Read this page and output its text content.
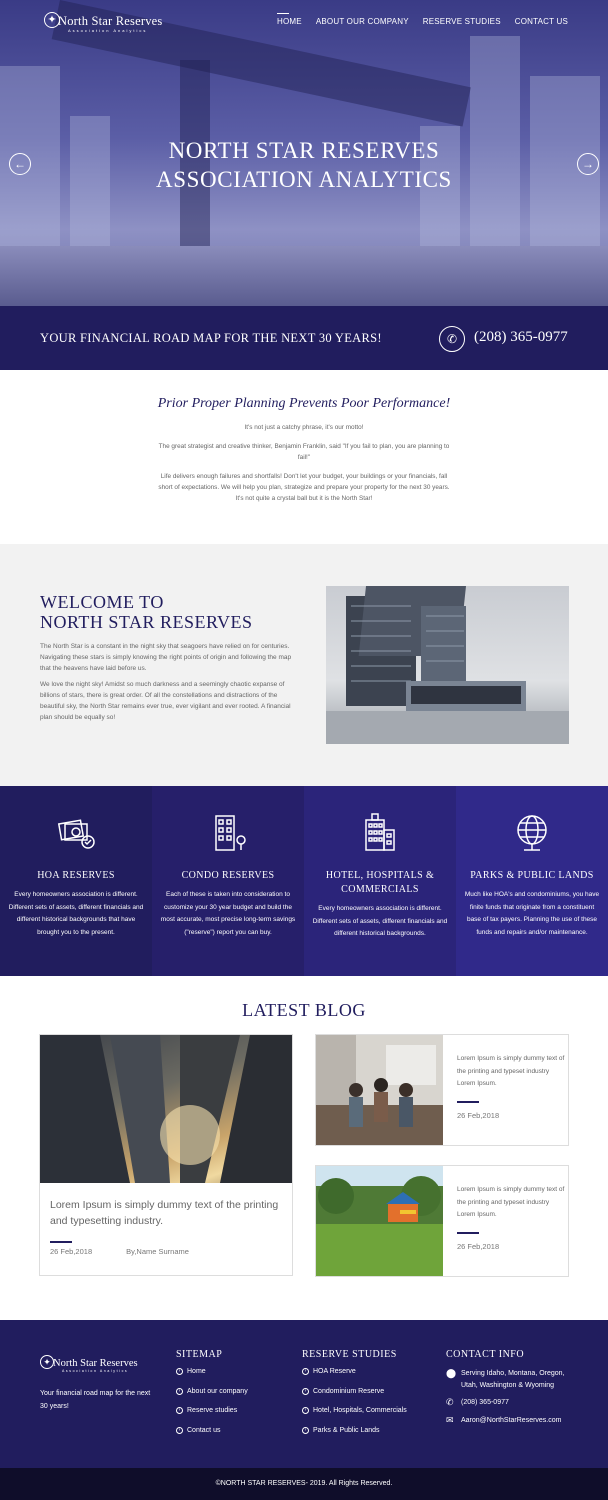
✦ North Star Reserves
Association Analytics
HOME ABOUT OUR COMPANY RESERVE STUDIES CONTACT US
NORTH STAR RESERVES
ASSOCIATION ANALYTICS
←	→
YOUR FINANCIAL ROAD MAP FOR THE NEXT 30 YEARS!	✆	(208) 365-0977
Prior Proper Planning Prevents Poor Performance!

It's not just a catchy phrase, it's our motto!

The great strategist and creative thinker, Benjamin Franklin, said "If you fail to plan, you are planning to fail!"

Life delivers enough failures and shortfalls! Don't let your budget, your buildings or your financials, fall short of expectations. We will help you plan, strategize and prepare your property for the next 30 years. It's not quite a crystal ball but it is the North Star!

WELCOME TO
NORTH STAR RESERVES

The North Star is a constant in the night sky that seagoers have relied on for centuries. Navigating these stars is simply knowing the right points of origin and following the map that the heavens have laid before us.

We love the night sky! Amidst so much darkness and a seemingly chaotic expanse of billions of stars, there is great order. Of all the constellations and distractions of the beautiful sky, the North Star remains ever true, ever vigilant and ever rooted. A financial plan should be equally so!

HOA RESERVES

Every homeowners association is different. Different sets of assets, different financials and different historical backgrounds that have brought you to the present.

CONDO RESERVES

Each of these is taken into consideration to customize your 30 year budget and build the most accurate, most precise long-term savings ("reserve") report you can buy.

HOTEL, HOSPITALS & COMMERCIALS

Every homeowners association is different. Different sets of assets, different financials and different historical backgrounds.

PARKS & PUBLIC LANDS

Much like HOA's and condominiums, you have finite funds that originate from a constituent base of tax payers. Planning the use of these funds and repairs and/or maintenance.

LATEST BLOG
Lorem Ipsum is simply dummy text of the printing and typesetting industry.
26 Feb,2018	By,Name Surname
Lorem Ipsum is simply dummy text of the printing and typeset industry Lorem Ipsum.
26 Feb,2018
Lorem Ipsum is simply dummy text of the printing and typeset industry Lorem Ipsum.
26 Feb,2018
✦ North Star Reserves
Association Analytics
Your financial road map for the next 30 years!
SITEMAP
› Home
› About our company
› Reserve studies
› Contact us
RESERVE STUDIES
› HOA Reserve
› Condominium Reserve
› Hotel, Hospitals, Commercials
› Parks & Public Lands
CONTACT INFO
⬤ Serving Idaho, Montana, Oregon, Utah, Washington & Wyoming
✆	(208) 365-0977
✉	Aaron@NorthStarReserves.com
©NORTH STAR RESERVES- 2019. All Rights Reserved.
